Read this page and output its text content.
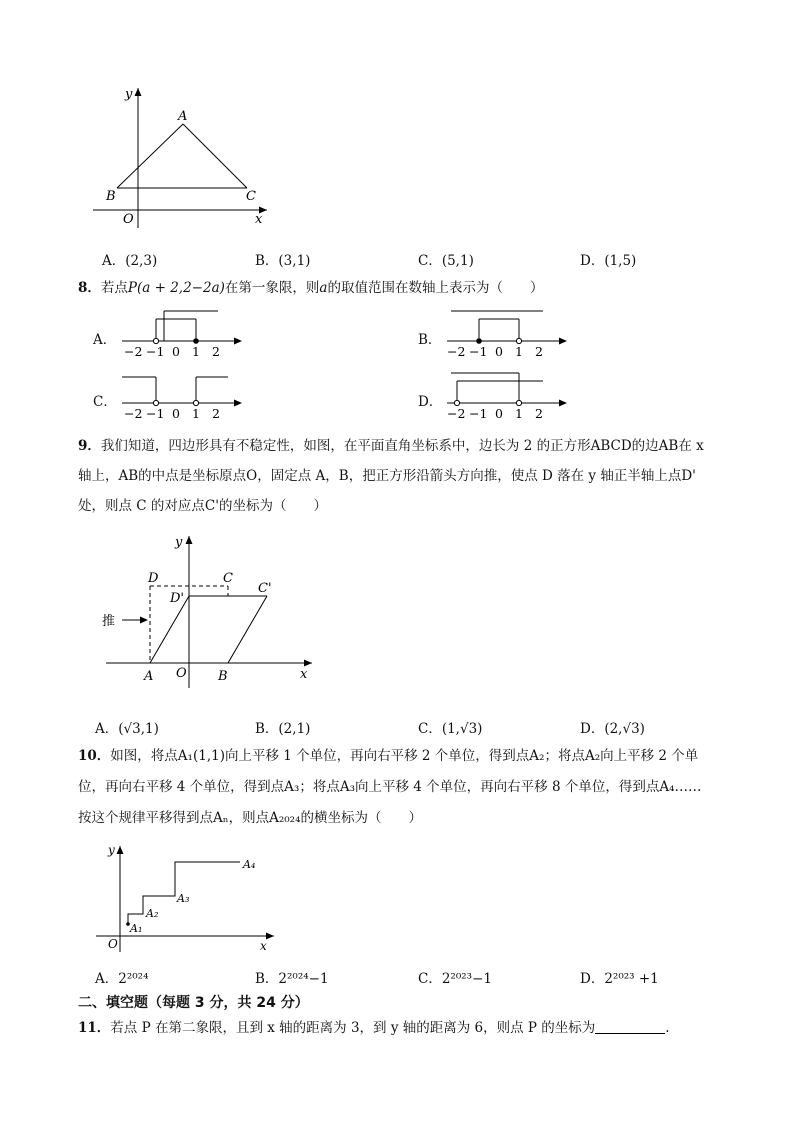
y
A
B	C
O	x
A．(2,3)	B．(3,1)	C．(5,1)	D．(1,5)
8．若点P(a + 2,2−2a)在第一象限，则a的取值范围在数轴上表示为（　　）
A．
−2 −1 0 1 2
B．
−2 −1 0 1 2
C．
−2 −1 0 1 2
D．
−2 −1 0 1 2
9．我们知道，四边形具有不稳定性，如图，在平面直角坐标系中，边长为 2 的正方形ABCD的边AB在 x
轴上，AB的中点是坐标原点O，固定点 A，B，把正方形沿箭头方向推，使点 D 落在 y 轴正半轴上点D'
处，则点 C 的对应点C'的坐标为（　　）
推
y
D	C
D'
C'
A O B	x
A．(√3,1)	B．(2,1)	C．(1,√3)	D．(2,√3)
10．如图，将点A₁(1,1)向上平移 1 个单位，再向右平移 2 个单位，得到点A₂；将点A₂向上平移 2 个单
位，再向右平移 4 个单位，得到点A₃；将点A₃向上平移 4 个单位，再向右平移 8 个单位，得到点A₄……
按这个规律平移得到点Aₙ，则点A₂₀₂₄的横坐标为（　　）
y
A₁
A₂
A₃
A₄
O	x
A．2²⁰²⁴	B．2²⁰²⁴−1	C．2²⁰²³−1	D．2²⁰²³ +1
二、填空题（每题 3 分，共 24 分）
11．若点 P 在第二象限，且到 x 轴的距离为 3，到 y 轴的距离为 6，则点 P 的坐标为	.
